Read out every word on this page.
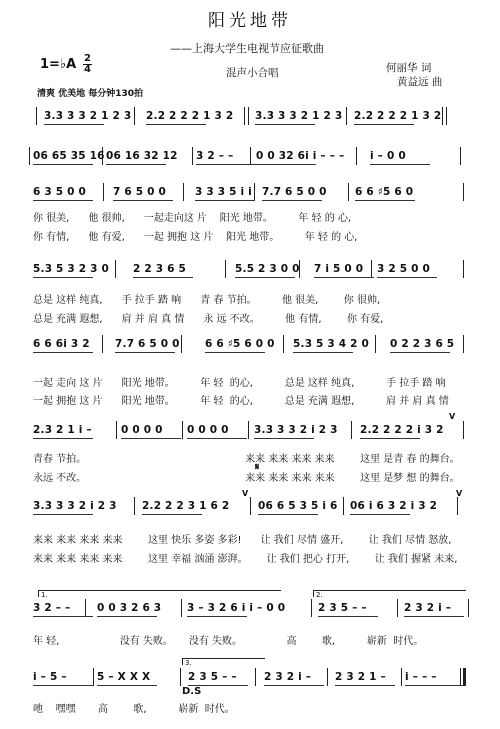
阳光地带
——上海大学生电视节应征歌曲
1=♭A 2
4	混声小合唱	何丽华 词
黄益远 曲
清爽 优美地 每分钟130拍
3.3 3 3 2 1 2 3 2.2 2 2 2 1 3 2 3.3 3 3 2 1 2 3 2.2 2 2 2 1 3 2
06 65 35 16 06 16 32 12 3 2 – – 0 0 32 6i i – – – i – 0 0
6 3 5 0 0	7 6 5 0 0	3 3 3 5 i i 7.7 6 5 0 0	6 6 ♯5 6 0
你 很美,      他 很帅,      一起走向这 片    阳光 地带。        年 轻 的 心,
你 有情,      他 有爱,      一起 拥抱 这 片    阳光 地带。        年 轻 的 心,
5.3 5 3 2 3 0 2 2 3 6 5	5.5 2 3 0 0 7 i 5 0 0 3 2 5 0 0
总是 这样 纯真,      手 拉手 踏 响      青 春 节拍。        他 很美,        你 很帅,
总是 充满 遐想,      肩 并 肩 真 情      永 远 不改。        他 有情,        你 有爱,
6 6 6i 3 2 7.7 6 5 0 0 6 6 ♯5 6 0 0 5.3 5 3 4 2 0 0 2 2 3 6 5
一起 走向 这 片      阳光 地带。        年 轻  的心,          总是 这样 纯真,          手 拉手 踏 响
一起 拥抱 这 片      阳光 地带。        年 轻  的心,          总是 充满 遐想,          肩 并 肩 真 情
2.3 2 1 i –	0 0 0 0 0 0 0 0 3.3 3 3 2 i 2 3 2.2 2 2 2 i 3 2
青春 节拍。                                                  来来 来来 来来 来来        这里 是青 春 的舞台。
永远 不改。                                                  来来 来来 来来 来来        这里 是梦 想 的舞台。
3.3 3 3 2 i 2 3 2.2 2 2 3 1 6 2	06 6 5 3 5 i 6 06 i 6 3 2 i 3 2
来来 来来 来来 来来        这里 快乐 多姿 多彩!      让 我们 尽情 盛开,        让 我们 尽情 怒放,
来来 来来 来来 来来        这里 幸福 汹涌 澎湃。      让 我们 把心 打开,        让 我们 握紧 未来,
3 2 – –	0 0 3 2 6 3 3 – 3 2 6 i i – 0 0	2 3 5 – –	2 3 2 i –
年 轻,                   没有 失败。     没有 失败。              高        歌,          崭新  时代。
i – 5 –	5 – X X X	2 3 5 – –	2 3 2 i – 2 3 2 1 – i – – –
吔    嘿嘿       高        歌,          崭新  时代。
𝄋
D.S
1.	2.
3.
V
V	V
